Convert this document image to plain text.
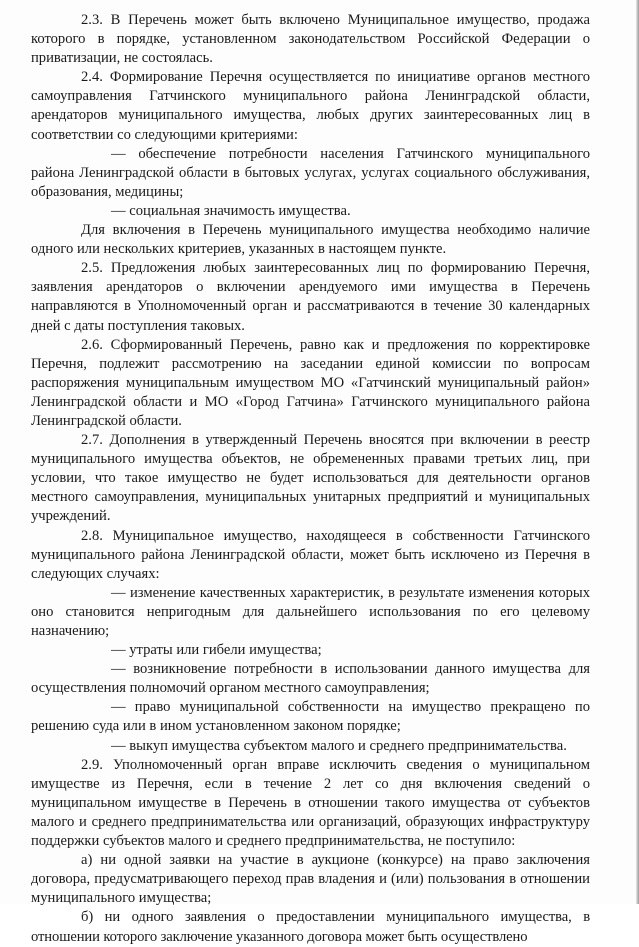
2.3. В Перечень может быть включено Муниципальное имущество, продажа которого в порядке, установленном законодательством Российской Федерации о приватизации, не состоялась.

2.4. Формирование Перечня осуществляется по инициативе органов местного самоуправления Гатчинского муниципального района Ленинградской области, арендаторов муниципального имущества, любых других заинтересованных лиц в соответствии со следующими критериями:

— обеспечение потребности населения Гатчинского муниципального района Ленинградской области в бытовых услугах, услугах социального обслуживания, образования, медицины;

— социальная значимость имущества.

Для включения в Перечень муниципального имущества необходимо наличие одного или нескольких критериев, указанных в настоящем пункте.

2.5. Предложения любых заинтересованных лиц по формированию Перечня, заявления арендаторов о включении арендуемого ими имущества в Перечень направляются в Уполномоченный орган и рассматриваются в течение 30 календарных дней с даты поступления таковых.

2.6. Сформированный Перечень, равно как и предложения по корректировке Перечня, подлежит рассмотрению на заседании единой комиссии по вопросам распоряжения муниципальным имуществом МО «Гатчинский муниципальный район» Ленинградской области и МО «Город Гатчина» Гатчинского муниципального района Ленинградской области.

2.7. Дополнения в утвержденный Перечень вносятся при включении в реестр муниципального имущества объектов, не обремененных правами третьих лиц, при условии, что такое имущество не будет использоваться для деятельности органов местного самоуправления, муниципальных унитарных предприятий и муниципальных учреждений.

2.8. Муниципальное имущество, находящееся в собственности Гатчинского муниципального района Ленинградской области, может быть исключено из Перечня в следующих случаях:

— изменение качественных характеристик, в результате изменения которых оно становится непригодным для дальнейшего использования по его целевому назначению;

— утраты или гибели имущества;

— возникновение потребности в использовании данного имущества для осуществления полномочий органом местного самоуправления;

— право муниципальной собственности на имущество прекращено по решению суда или в ином установленном законом порядке;

— выкуп имущества субъектом малого и среднего предпринимательства.

2.9. Уполномоченный орган вправе исключить сведения о муниципальном имуществе из Перечня, если в течение 2 лет со дня включения сведений о муниципальном имуществе в Перечень в отношении такого имущества от субъектов малого и среднего предпринимательства или организаций, образующих инфраструктуру поддержки субъектов малого и среднего предпринимательства, не поступило:

а) ни одной заявки на участие в аукционе (конкурсе) на право заключения договора, предусматривающего переход прав владения и (или) пользования в отношении муниципального имущества;

б) ни одного заявления о предоставлении муниципального имущества, в отношении которого заключение указанного договора может быть осуществлено
